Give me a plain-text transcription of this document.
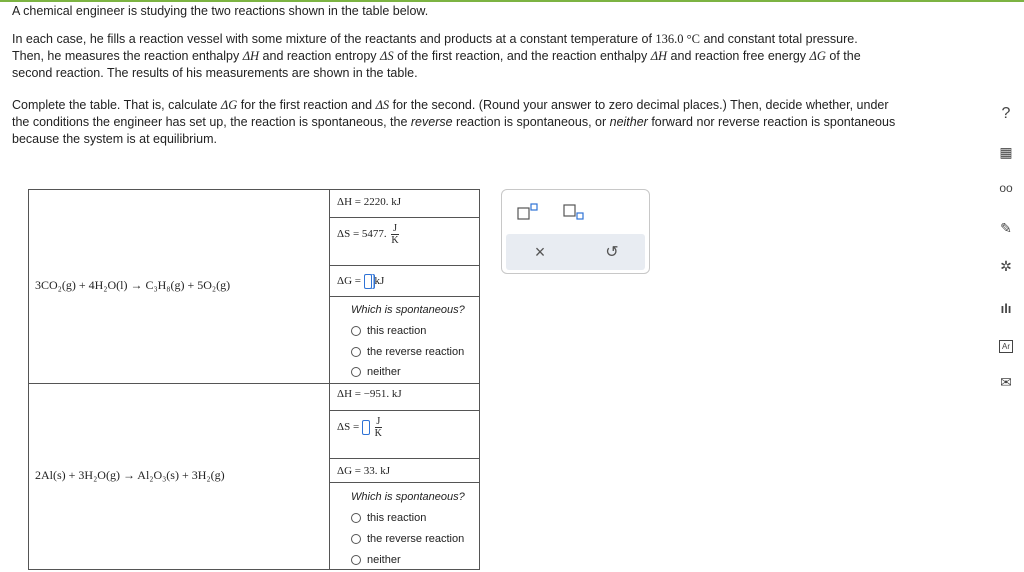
A chemical engineer is studying the two reactions shown in the table below.

In each case, he fills a reaction vessel with some mixture of the reactants and products at a constant temperature of 136.0 °C and constant total pressure.
Then, he measures the reaction enthalpy ΔH and reaction entropy ΔS of the first reaction, and the reaction enthalpy ΔH and reaction free energy ΔG of the
second reaction. The results of his measurements are shown in the table.

Complete the table. That is, calculate ΔG for the first reaction and ΔS for the second. (Round your answer to zero decimal places.) Then, decide whether, under
the conditions the engineer has set up, the reaction is spontaneous, the reverse reaction is spontaneous, or neither forward nor reverse reaction is spontaneous
because the system is at equilibrium.

3CO₂(g) + 4H₂O(l) → C₃H₈(g) + 5O₂(g)
ΔH = 2220. kJ
ΔS = 5477. $\frac{J}{K}$
ΔG = kJ
Which is spontaneous?
this reaction
the reverse reaction
neither
2Al(s) + 3H₂O(g) → Al₂O₃(s) + 3H₂(g)
ΔH = −951. kJ
$\Delta S = \frac{J}{K}$
ΔG = 33. kJ
Which is spontaneous?
this reaction
the reverse reaction
neither
×	↺
?
▦
oo
✎
✲
ılı
Ar
✉
